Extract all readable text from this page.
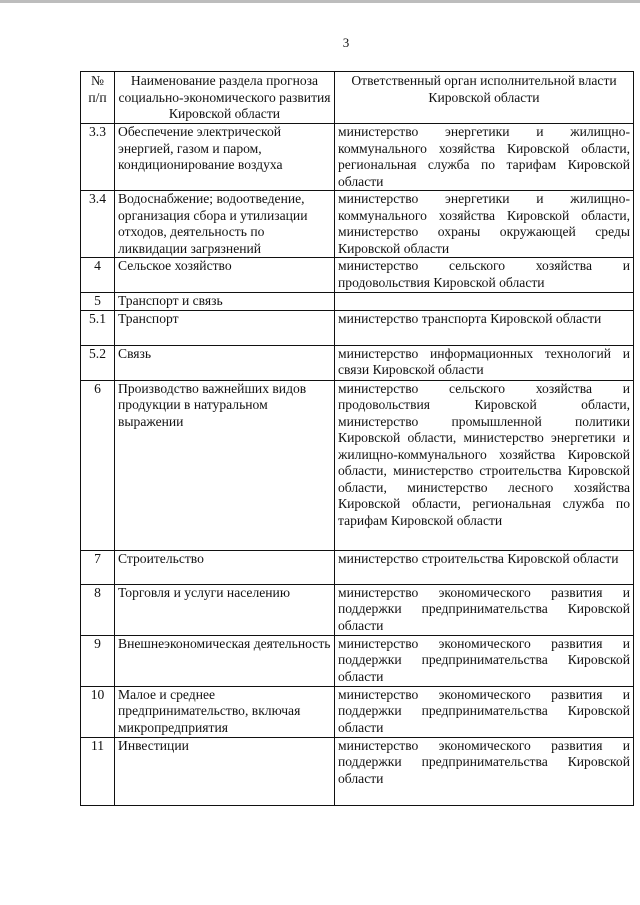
3
№ п/п	Наименование раздела прогноза социально-экономического развития Кировской области	Ответственный орган исполнительной власти Кировской области
3.3	Обеспечение электрической энергией, газом и паром, кондиционирование воздуха	министерство энергетики и жилищно-коммунального хозяйства Кировской области, региональная служба по тарифам Кировской области
3.4	Водоснабжение; водоотведение, организация сбора и утилизации отходов, деятельность по ликвидации загрязнений	министерство энергетики и жилищно-коммунального хозяйства Кировской области, министерство охраны окружающей среды Кировской области
4	Сельское хозяйство	министерство сельского хозяйства и продовольствия Кировской области
5	Транспорт и связь	
5.1	Транспорт	министерство транспорта Кировской области
5.2	Связь	министерство информационных технологий и связи Кировской области
6	Производство важнейших видов продукции в натуральном выражении	министерство сельского хозяйства и продовольствия Кировской области, министерство промышленной политики Кировской области, министерство энергетики и жилищно-коммунального хозяйства Кировской области, министерство строительства Кировской области, министерство лесного хозяйства Кировской области, региональная служба по тарифам Кировской области
7	Строительство	министерство строительства Кировской области
8	Торговля и услуги населению	министерство экономического развития и поддержки предпринимательства Кировской области
9	Внешнеэкономическая деятельность	министерство экономического развития и поддержки предпринимательства Кировской области
10	Малое и среднее предпринимательство, включая микропредприятия	министерство экономического развития и поддержки предпринимательства Кировской области
11	Инвестиции	министерство экономического развития и поддержки предпринимательства Кировской области
